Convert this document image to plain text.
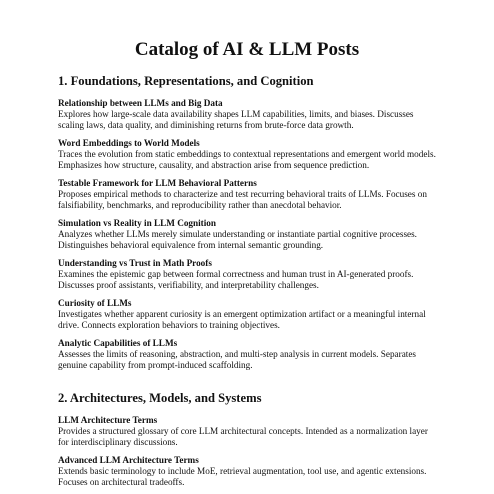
Catalog of AI & LLM Posts
1. Foundations, Representations, and Cognition
Relationship between LLMs and Big Data
Explores how large-scale data availability shapes LLM capabilities, limits, and biases. Discusses scaling laws, data quality, and diminishing returns from brute-force data growth.
Word Embeddings to World Models
Traces the evolution from static embeddings to contextual representations and emergent world models. Emphasizes how structure, causality, and abstraction arise from sequence prediction.
Testable Framework for LLM Behavioral Patterns
Proposes empirical methods to characterize and test recurring behavioral traits of LLMs. Focuses on falsifiability, benchmarks, and reproducibility rather than anecdotal behavior.
Simulation vs Reality in LLM Cognition
Analyzes whether LLMs merely simulate understanding or instantiate partial cognitive processes. Distinguishes behavioral equivalence from internal semantic grounding.
Understanding vs Trust in Math Proofs
Examines the epistemic gap between formal correctness and human trust in AI-generated proofs. Discusses proof assistants, verifiability, and interpretability challenges.
Curiosity of LLMs
Investigates whether apparent curiosity is an emergent optimization artifact or a meaningful internal drive. Connects exploration behaviors to training objectives.
Analytic Capabilities of LLMs
Assesses the limits of reasoning, abstraction, and multi-step analysis in current models. Separates genuine capability from prompt-induced scaffolding.
2. Architectures, Models, and Systems
LLM Architecture Terms
Provides a structured glossary of core LLM architectural concepts. Intended as a normalization layer for interdisciplinary discussions.
Advanced LLM Architecture Terms
Extends basic terminology to include MoE, retrieval augmentation, tool use, and agentic extensions. Focuses on architectural tradeoffs.
